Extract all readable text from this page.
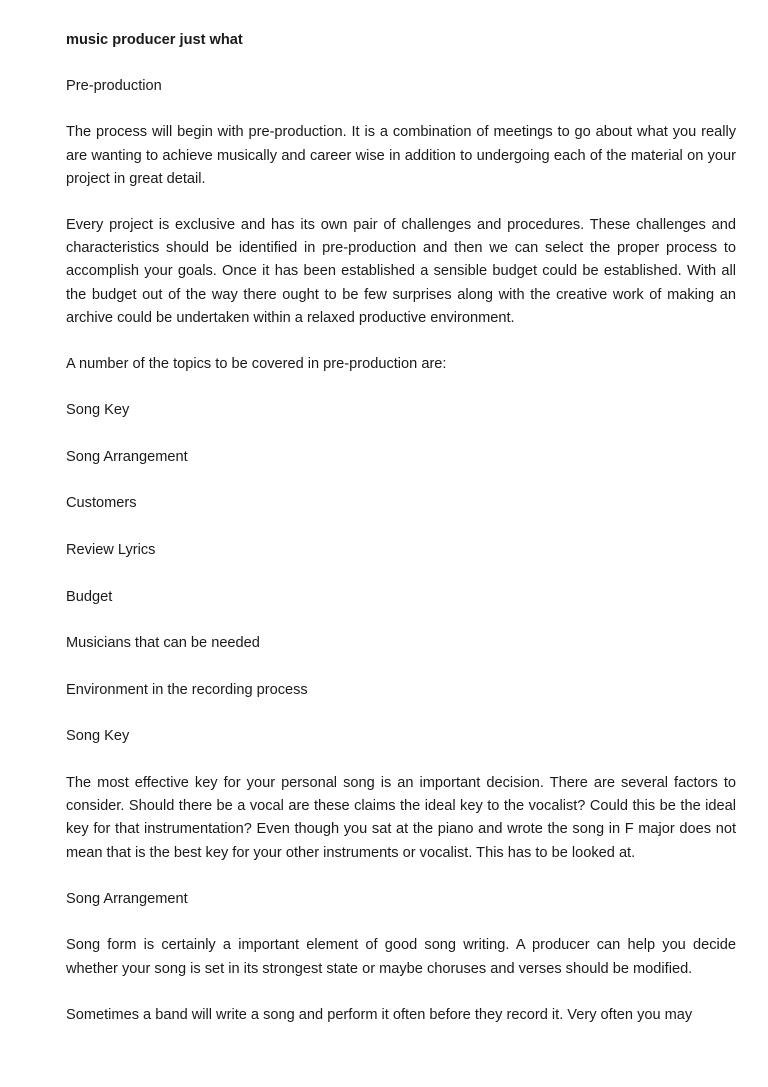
music producer just what
Pre-production
The process will begin with pre-production. It is a combination of meetings to go about what you really are wanting to achieve musically and career wise in addition to undergoing each of the material on your project in great detail.
Every project is exclusive and has its own pair of challenges and procedures. These challenges and characteristics should be identified in pre-production and then we can select the proper process to accomplish your goals. Once it has been established a sensible budget could be established. With all the budget out of the way there ought to be few surprises along with the creative work of making an archive could be undertaken within a relaxed productive environment.
A number of the topics to be covered in pre-production are:
Song Key
Song Arrangement
Customers
Review Lyrics
Budget
Musicians that can be needed
Environment in the recording process
Song Key
The most effective key for your personal song is an important decision. There are several factors to consider. Should there be a vocal are these claims the ideal key to the vocalist? Could this be the ideal key for that instrumentation? Even though you sat at the piano and wrote the song in F major does not mean that is the best key for your other instruments or vocalist. This has to be looked at.
Song Arrangement
Song form is certainly a important element of good song writing. A producer can help you decide whether your song is set in its strongest state or maybe choruses and verses should be modified.
Sometimes a band will write a song and perform it often before they record it. Very often you may
